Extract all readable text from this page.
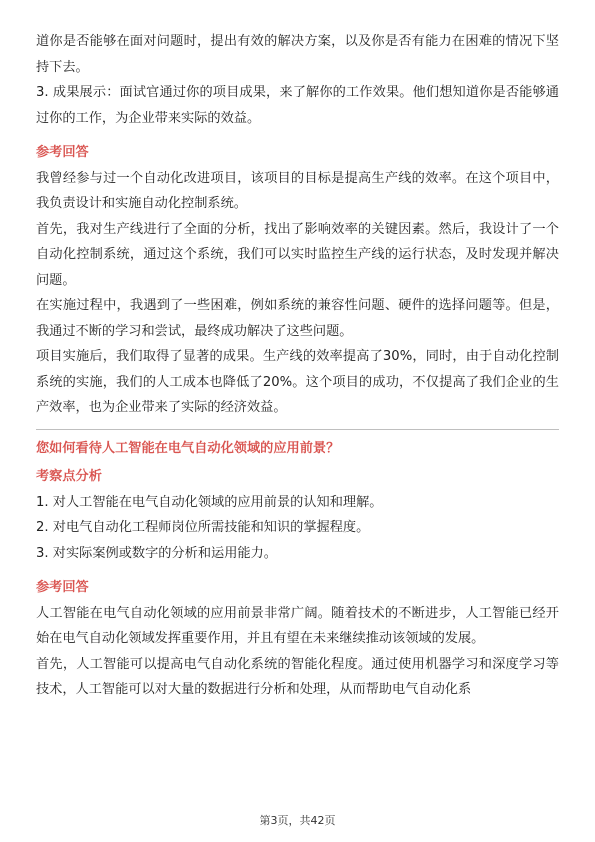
道你是否能够在面对问题时，提出有效的解决方案，以及你是否有能力在困难的情况下坚持下去。

3. 成果展示：面试官通过你的项目成果，来了解你的工作效果。他们想知道你是否能够通过你的工作，为企业带来实际的效益。

参考回答

我曾经参与过一个自动化改进项目，该项目的目标是提高生产线的效率。在这个项目中，我负责设计和实施自动化控制系统。

首先，我对生产线进行了全面的分析，找出了影响效率的关键因素。然后，我设计了一个自动化控制系统，通过这个系统，我们可以实时监控生产线的运行状态，及时发现并解决问题。

在实施过程中，我遇到了一些困难，例如系统的兼容性问题、硬件的选择问题等。但是，我通过不断的学习和尝试，最终成功解决了这些问题。

项目实施后，我们取得了显著的成果。生产线的效率提高了30%，同时，由于自动化控制系统的实施，我们的人工成本也降低了20%。这个项目的成功，不仅提高了我们企业的生产效率，也为企业带来了实际的经济效益。

您如何看待人工智能在电气自动化领域的应用前景？

考察点分析

1. 对人工智能在电气自动化领域的应用前景的认知和理解。

2. 对电气自动化工程师岗位所需技能和知识的掌握程度。

3. 对实际案例或数字的分析和运用能力。

参考回答

人工智能在电气自动化领域的应用前景非常广阔。随着技术的不断进步，人工智能已经开始在电气自动化领域发挥重要作用，并且有望在未来继续推动该领域的发展。

首先，人工智能可以提高电气自动化系统的智能化程度。通过使用机器学习和深度学习等技术，人工智能可以对大量的数据进行分析和处理，从而帮助电气自动化系

第3页，共42页
